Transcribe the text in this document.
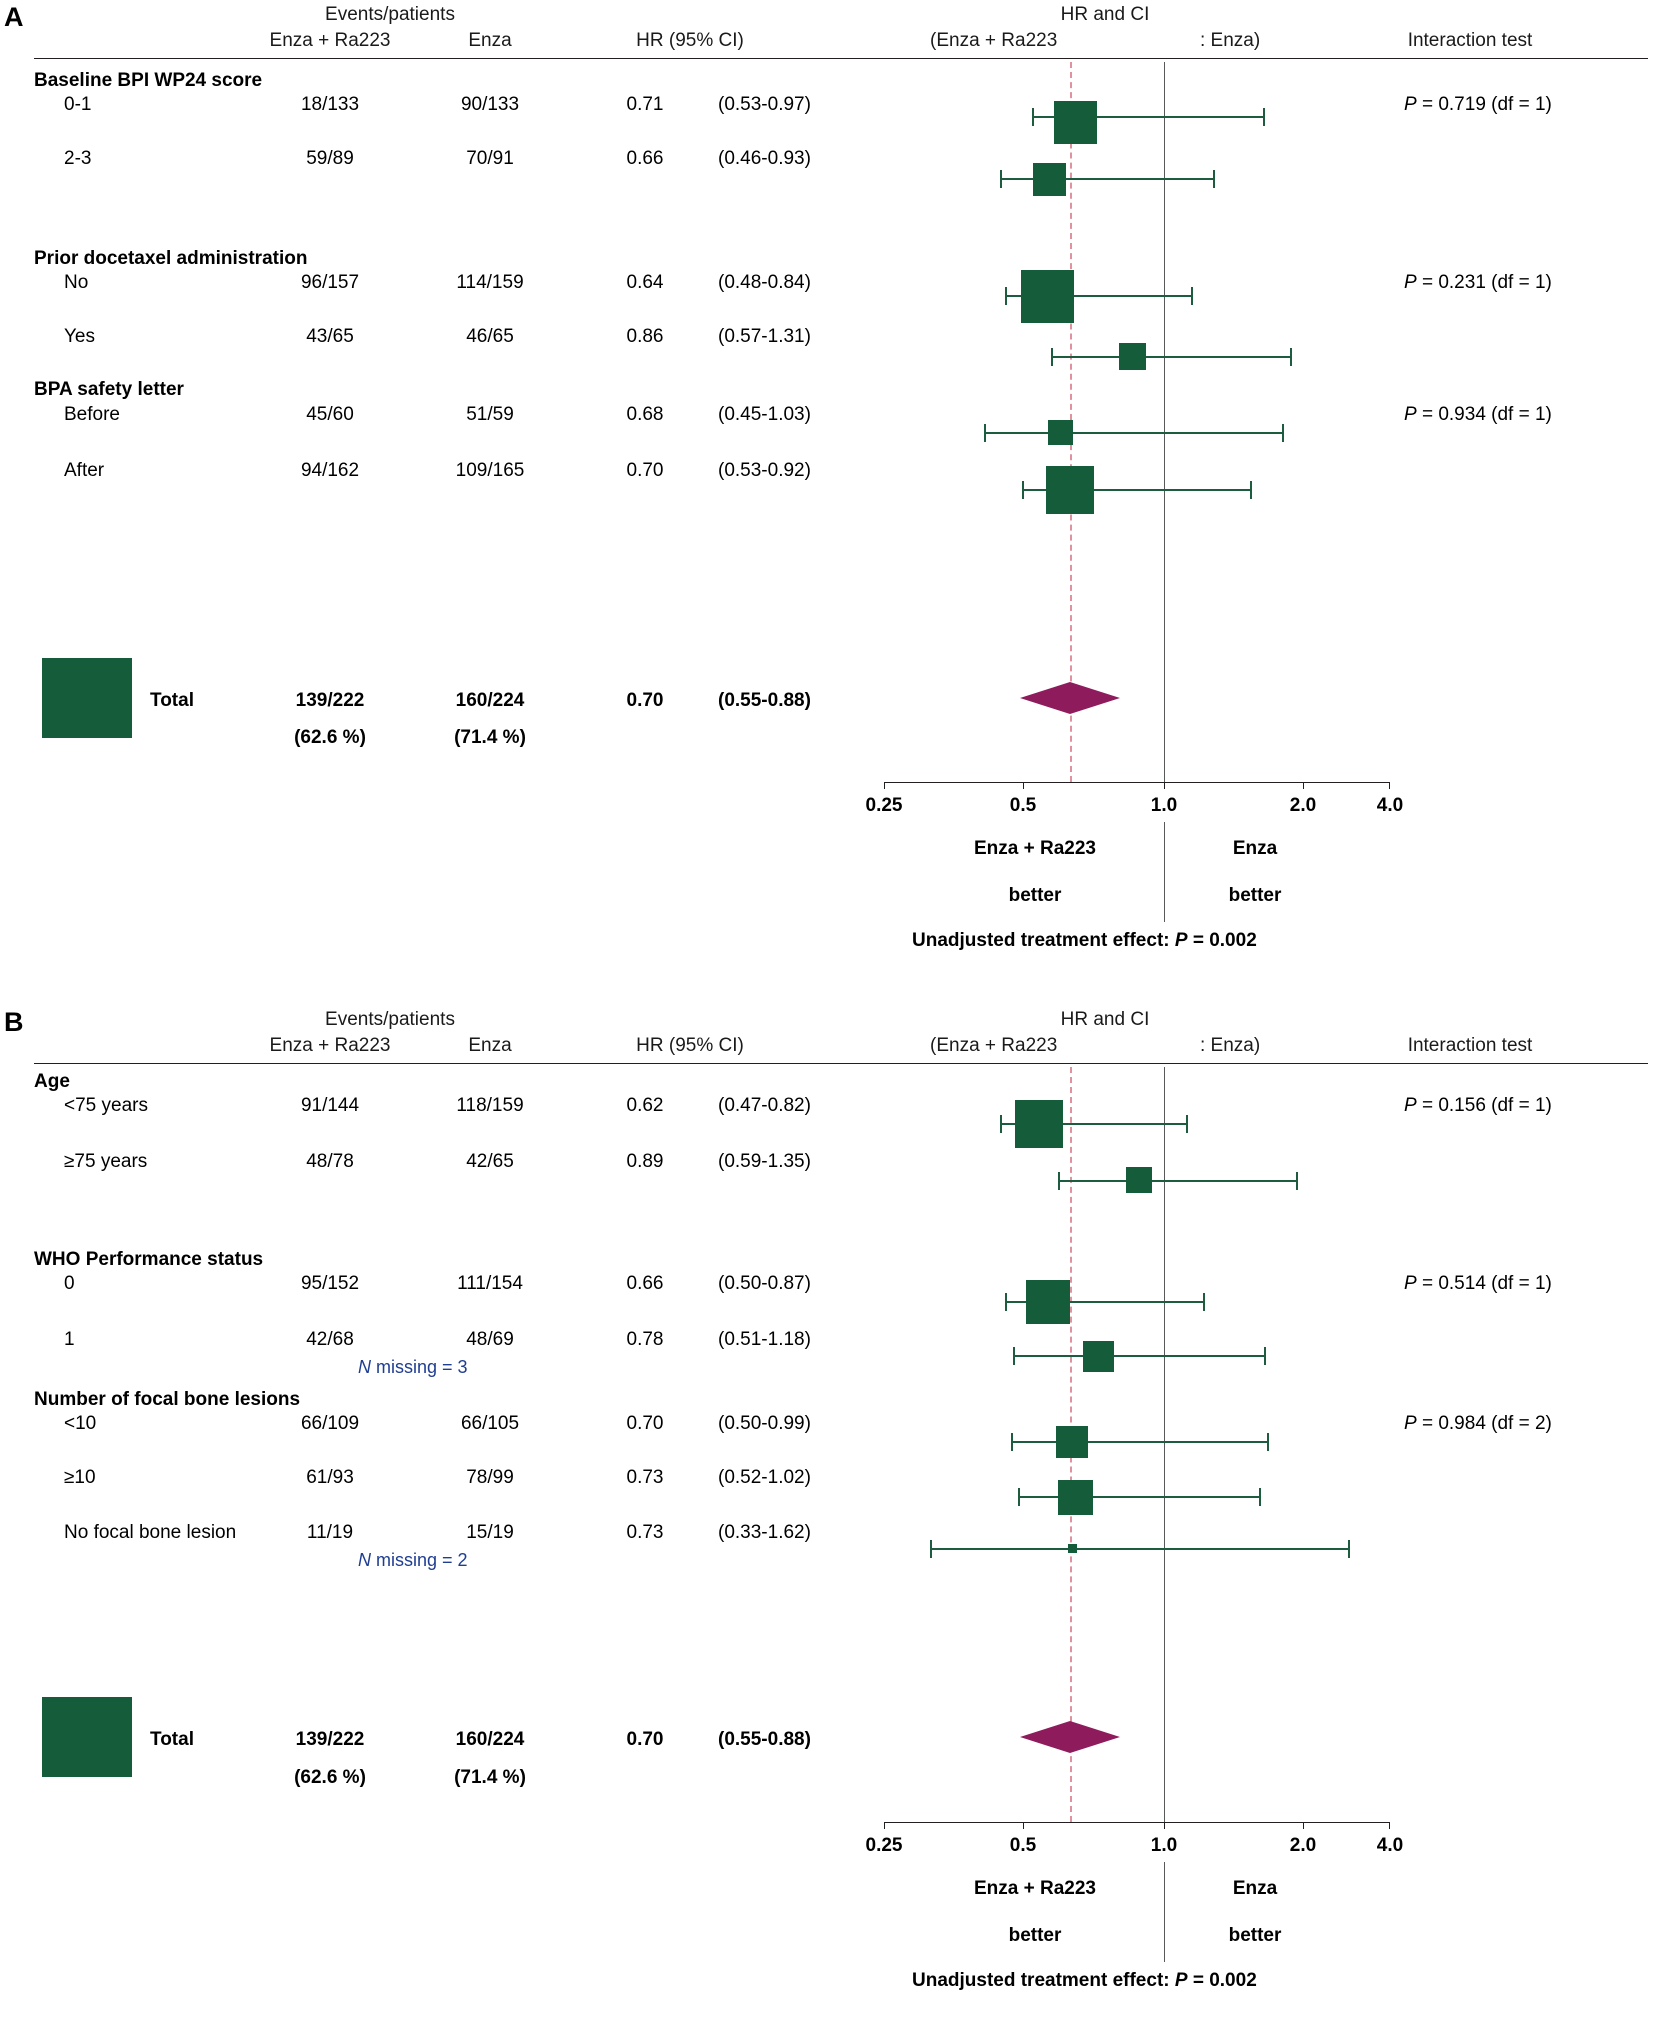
A	Events/patients
Enza + Ra223	Enza	HR (95% CI)
HR and CI
(Enza + Ra223	: Enza)	Interaction test
Baseline BPI WP24 score
0-1	18/133	90/133	0.71	(0.53-0.97)	P = 0.719 (df = 1)
2-3	59/89	70/91	0.66	(0.46-0.93)
Prior docetaxel administration
No	96/157	114/159	0.64	(0.48-0.84)	P = 0.231 (df = 1)
Yes	43/65	46/65	0.86	(0.57-1.31)
BPA safety letter
Before	45/60	51/59	0.68	(0.45-1.03)	P = 0.934 (df = 1)
After	94/162	109/165	0.70	(0.53-0.92)
Total	139/222	160/224	0.70	(0.55-0.88)
(62.6 %)	(71.4 %)
0.25	0.5	1.0	2.0	4.0
Enza + Ra223
better
Enza
better
Unadjusted treatment effect: P = 0.002
B	Events/patients
Enza + Ra223	Enza	HR (95% CI)
HR and CI
(Enza + Ra223	: Enza)	Interaction test
Age
<75 years	91/144	118/159	0.62	(0.47-0.82)	P = 0.156 (df = 1)
≥75 years	48/78	42/65	0.89	(0.59-1.35)
WHO Performance status
0	95/152	111/154	0.66	(0.50-0.87)	P = 0.514 (df = 1)
1	42/68	48/69	0.78	(0.51-1.18)
N missing = 3
Number of focal bone lesions
<10	66/109	66/105	0.70	(0.50-0.99)	P = 0.984 (df = 2)
≥10	61/93	78/99	0.73	(0.52-1.02)
No focal bone lesion	11/19	15/19	0.73	(0.33-1.62)
N missing = 2
Total	139/222	160/224	0.70	(0.55-0.88)
(62.6 %)	(71.4 %)
0.25	0.5	1.0	2.0	4.0
Enza + Ra223
better
Enza
better
Unadjusted treatment effect: P = 0.002
